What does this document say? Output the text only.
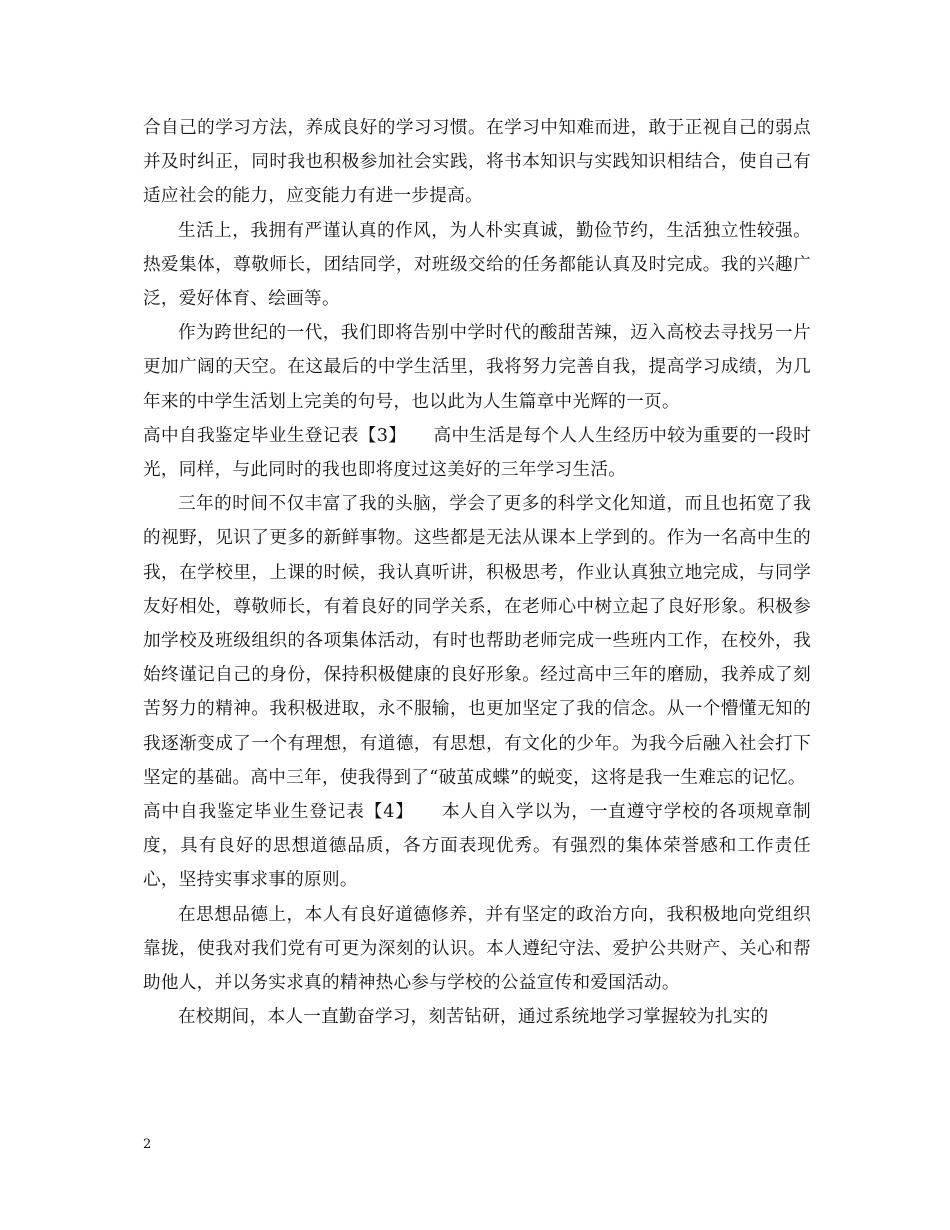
合自己的学习方法，养成良好的学习习惯。在学习中知难而进，敢于正视自己的弱点并及时纠正，同时我也积极参加社会实践，将书本知识与实践知识相结合，使自己有适应社会的能力，应变能力有进一步提高。

生活上，我拥有严谨认真的作风，为人朴实真诚，勤俭节约，生活独立性较强。热爱集体，尊敬师长，团结同学，对班级交给的任务都能认真及时完成。我的兴趣广泛，爱好体育、绘画等。

作为跨世纪的一代，我们即将告别中学时代的酸甜苦辣，迈入高校去寻找另一片更加广阔的天空。在这最后的中学生活里，我将努力完善自我，提高学习成绩，为几年来的中学生活划上完美的句号，也以此为人生篇章中光辉的一页。

高中自我鉴定毕业生登记表【3】　　高中生活是每个人人生经历中较为重要的一段时光，同样，与此同时的我也即将度过这美好的三年学习生活。

三年的时间不仅丰富了我的头脑，学会了更多的科学文化知道，而且也拓宽了我的视野，见识了更多的新鲜事物。这些都是无法从课本上学到的。作为一名高中生的我，在学校里，上课的时候，我认真听讲，积极思考，作业认真独立地完成，与同学友好相处，尊敬师长，有着良好的同学关系，在老师心中树立起了良好形象。积极参加学校及班级组织的各项集体活动，有时也帮助老师完成一些班内工作，在校外，我始终谨记自己的身份，保持积极健康的良好形象。经过高中三年的磨励，我养成了刻苦努力的精神。我积极进取，永不服输，也更加坚定了我的信念。从一个懵懂无知的我逐渐变成了一个有理想，有道德，有思想，有文化的少年。为我今后融入社会打下坚定的基础。高中三年，使我得到了“破茧成蝶”的蜕变，这将是我一生难忘的记忆。

高中自我鉴定毕业生登记表【4】　　本人自入学以为，一直遵守学校的各项规章制度，具有良好的思想道德品质，各方面表现优秀。有强烈的集体荣誉感和工作责任心，坚持实事求事的原则。

在思想品德上，本人有良好道德修养，并有坚定的政治方向，我积极地向党组织靠拢，使我对我们党有可更为深刻的认识。本人遵纪守法、爱护公共财产、关心和帮助他人，并以务实求真的精神热心参与学校的公益宣传和爱国活动。

在校期间，本人一直勤奋学习，刻苦钻研，通过系统地学习掌握较为扎实的

2
